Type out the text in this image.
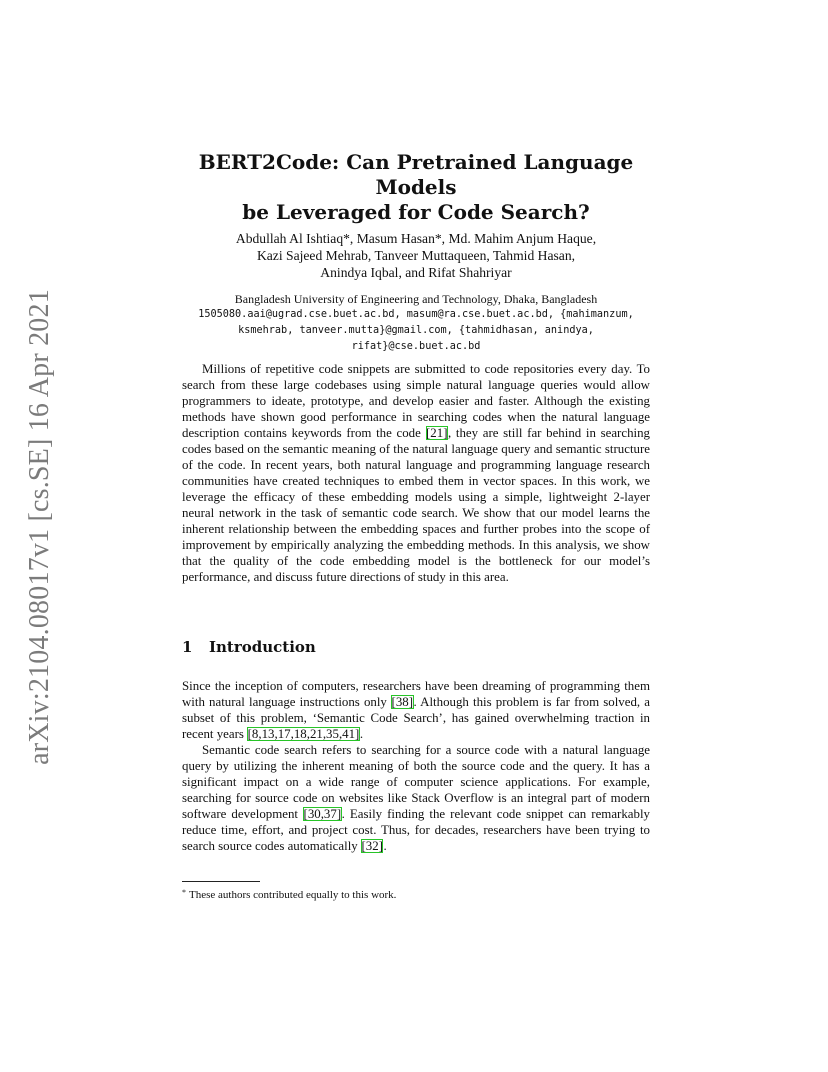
arXiv:2104.08017v1 [cs.SE] 16 Apr 2021
BERT2Code: Can Pretrained Language Models
be Leveraged for Code Search?
Abdullah Al Ishtiaq*, Masum Hasan*, Md. Mahim Anjum Haque,
Kazi Sajeed Mehrab, Tanveer Muttaqueen, Tahmid Hasan,
Anindya Iqbal, and Rifat Shahriyar
Bangladesh University of Engineering and Technology, Dhaka, Bangladesh
1505080.aai@ugrad.cse.buet.ac.bd, masum@ra.cse.buet.ac.bd, {mahimanzum,
ksmehrab, tanveer.mutta}@gmail.com, {tahmidhasan, anindya,
rifat}@cse.buet.ac.bd

Millions of repetitive code snippets are submitted to code repositories every day. To search from these large codebases using simple natural language queries would allow programmers to ideate, prototype, and develop easier and faster. Although the existing methods have shown good performance in searching codes when the natural language description contains keywords from the code [21], they are still far behind in searching codes based on the semantic meaning of the natural language query and semantic structure of the code. In recent years, both natural language and programming language research communities have created techniques to embed them in vector spaces. In this work, we leverage the efficacy of these embedding models using a simple, lightweight 2-layer neural network in the task of semantic code search. We show that our model learns the inherent relationship between the embedding spaces and further probes into the scope of improvement by empirically analyzing the embedding methods. In this analysis, we show that the quality of the code embedding model is the bottleneck for our model’s performance, and discuss future directions of study in this area.

1 Introduction

Since the inception of computers, researchers have been dreaming of programming them with natural language instructions only [38]. Although this problem is far from solved, a subset of this problem, ‘Semantic Code Search’, has gained overwhelming traction in recent years [8,13,17,18,21,35,41].

Semantic code search refers to searching for a source code with a natural language query by utilizing the inherent meaning of both the source code and the query. It has a significant impact on a wide range of computer science applications. For example, searching for source code on websites like Stack Overflow is an integral part of modern software development [30,37]. Easily finding the relevant code snippet can remarkably reduce time, effort, and project cost. Thus, for decades, researchers have been trying to search source codes automatically [32].

* These authors contributed equally to this work.
